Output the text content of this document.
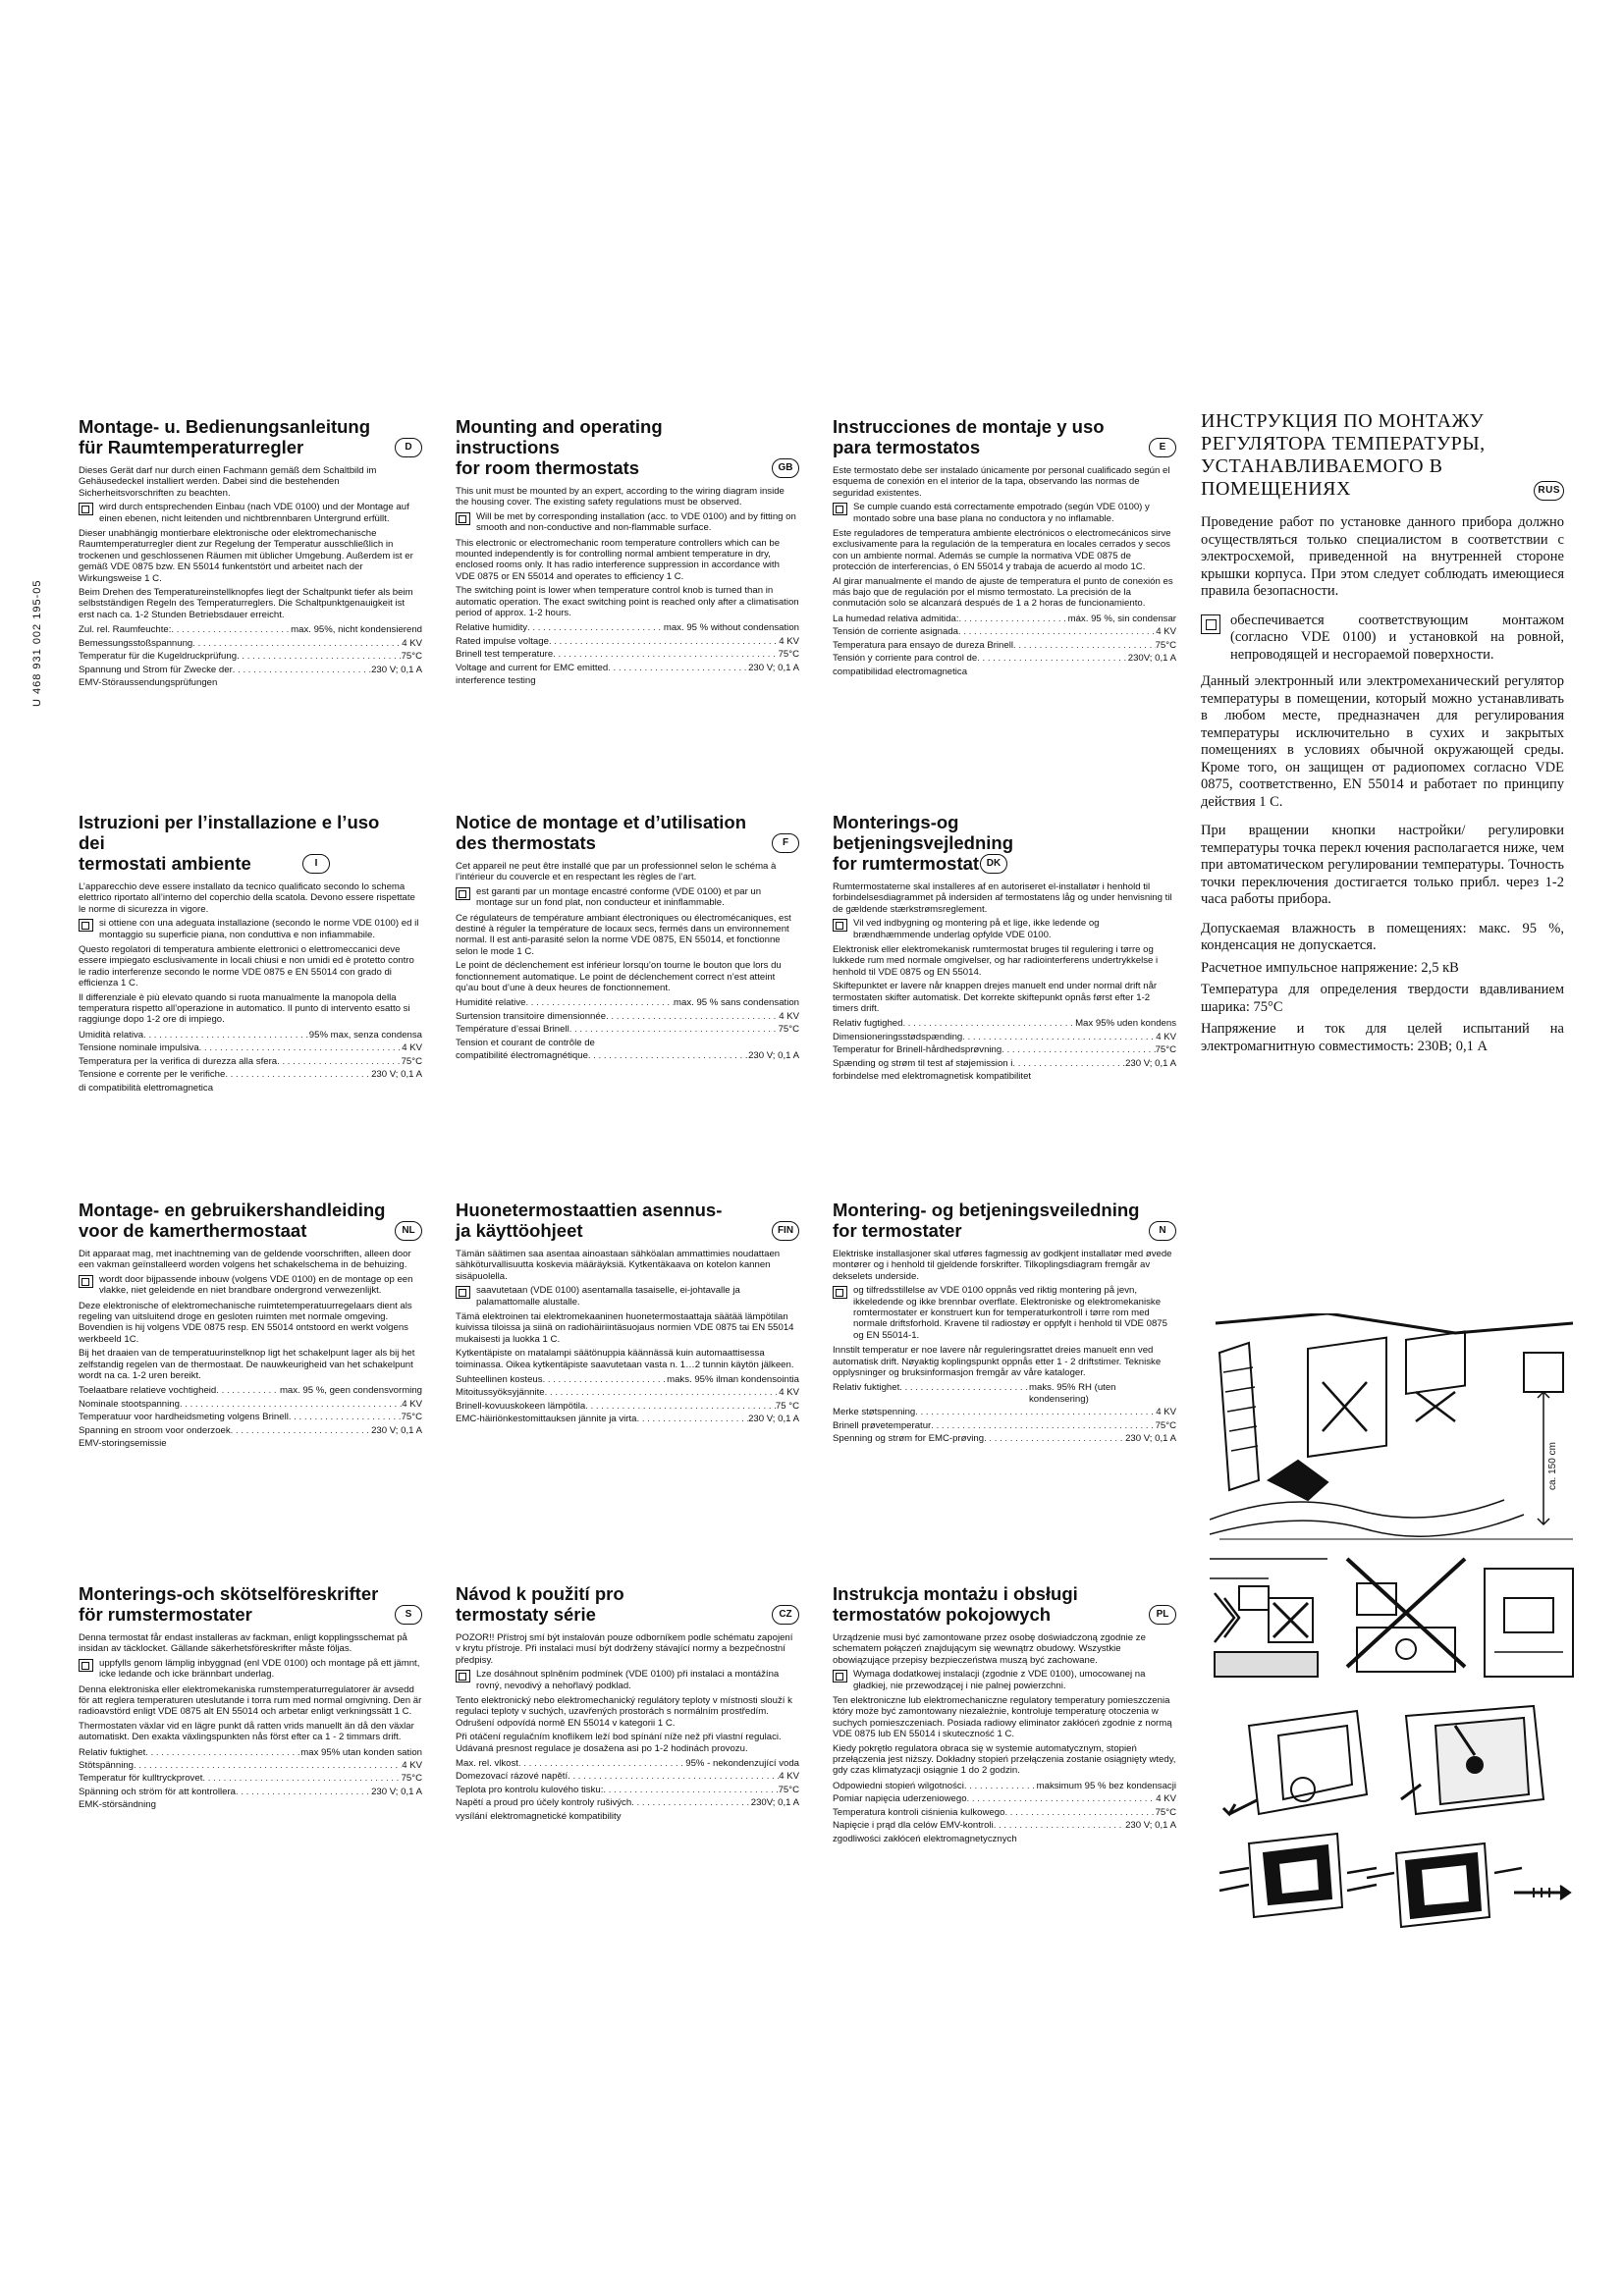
U 468 931 002 195-05
Montage- u. Bedienungsanleitung
für Raumtemperaturregler	D

Dieses Gerät darf nur durch einen Fachmann gemäß dem Schaltbild im Gehäusedeckel installiert werden. Dabei sind die bestehenden Sicherheitsvorschriften zu beachten.

wird durch entsprechenden Einbau (nach VDE 0100) und der Montage auf einen ebenen, nicht leitenden und nichtbrennbaren Untergrund erfüllt.

Dieser unabhängig montierbare elektronische oder elektromechanische Raumtemperaturregler dient zur Regelung der Temperatur ausschließlich in trockenen und geschlossenen Räumen mit üblicher Umgebung. Außerdem ist er gemäß VDE 0875 bzw. EN 55014 funkentstört und arbeitet nach der Wirkungsweise 1 C.

Beim Drehen des Temperatureinstellknopfes liegt der Schaltpunkt tiefer als beim selbstständigen Regeln des Temperaturreglers. Die Schaltpunktgenauigkeit ist erst nach ca. 1-2 Stunden Betriebsdauer erreicht.

Zul. rel. Raumfeuchte: . . .	max. 95%, nicht kondensierend
Bemessungsstoßspannung . . .	4 KV
Temperatur für die Kugeldruckprüfung . . .	75°C
Spannung und Strom für Zwecke der . . .	230 V; 0,1 A
EMV-Störaussendungsprüfungen
Mounting and operating instructions
for room thermostats	GB

This unit must be mounted by an expert, according to the wiring diagram inside the housing cover. The existing safety regulations must be observed.

Will be met by corresponding installation (acc. to VDE 0100) and by fitting on smooth and non-conductive and non-flammable surface.

This electronic or electromechanic room temperature controllers which can be mounted independently is for controlling normal ambient temperature in dry, enclosed rooms only. It has radio interference suppression in accordance with VDE 0875 or EN 55014 and operates to efficiency 1 C.

The switching point is lower when temperature control knob is turned than in automatic operation. The exact switching point is reached only after a climatisation period of approx. 1-2 hours.

Relative humidity . . .	max. 95 % without condensation
Rated impulse voltage . . .	4 KV
Brinell test temperature . . .	75°C
Voltage and current for EMC emitted . . .	230 V; 0,1 A
interference testing
Instrucciones de montaje y uso
para termostatos	E

Este termostato debe ser instalado únicamente por personal cualificado según el esquema de conexión en el interior de la tapa, observando las normas de seguridad existentes.

Se cumple cuando está correctamente empotrado (según VDE 0100) y montado sobre una base plana no conductora y no inflamable.

Este reguladores de temperatura ambiente electrónicos o electromecánicos sirve exclusivamente para la regulación de la temperatura en locales cerrados y secos con un ambiente normal. Además se cumple la normativa VDE 0875 de protección de interferencias, ó EN 55014 y trabaja de acuerdo al modo 1C.

Al girar manualmente el mando de ajuste de temperatura el punto de conexión es más bajo que de regulación por el mismo termostato. La precisión de la conmutación solo se alcanzará después de 1 a 2 horas de funcionamiento.

La humedad relativa admitida: . . .	máx. 95 %, sin condensar
Tensión de corriente asignada . . .	4 KV
Temperatura para ensayo de dureza Brinell . . .	75°C
Tensión y corriente para control de . . .	230V; 0,1 A
compatibilidad electromagnetica
Istruzioni per l’installazione e l’uso dei
termostati ambiente	I

L’apparecchio deve essere installato da tecnico qualificato secondo lo schema elettrico riportato all’interno del coperchio della scatola. Devono essere rispettate le norme di sicurezza in vigore.

si ottiene con una adeguata installazione (secondo le norme VDE 0100) ed il montaggio su superficie piana, non conduttiva e non infiammabile.

Questo regolatori di temperatura ambiente elettronici o elettromeccanici deve essere impiegato esclusivamente in locali chiusi e non umidi ed è protetto contro le radio interferenze secondo le norme VDE 0875 e EN 55014 con grado di efficienza 1 C.

Il differenziale è più elevato quando si ruota manualmente la manopola della temperatura rispetto all’operazione in automatico. Il punto di intervento esatto si raggiunge dopo 1-2 ore di impiego.

Umidità relativa . . .	95% max, senza condensa
Tensione nominale impulsiva . . .	4 KV
Temperatura per la verifica di durezza alla sfera . . .	75°C
Tensione e corrente per le verifiche . . .	230 V; 0,1 A
di compatibilità elettromagnetica
Notice de montage et d’utilisation
des thermostats	F

Cet appareil ne peut être installé que par un professionnel selon le schéma à l’intérieur du couvercle et en respectant les règles de l’art.

est garanti par un montage encastré conforme (VDE 0100) et par un montage sur un fond plat, non conducteur et ininflammable.

Ce régulateurs de température ambiant électroniques ou électromécaniques, est destiné à réguler la température de locaux secs, fermés dans un environnement normal. Il est anti-parasité selon la norme VDE 0875, EN 55014, et fonctionne selon le mode 1 C.

Le point de déclenchement est inférieur lorsqu’on tourne le bouton que lors du fonctionnement automatique. Le point de déclenchement correct n’est atteint qu’au bout d’une à deux heures de fonctionnement.

Humidité relative . . .	max. 95 % sans condensation
Surtension transitoire dimensionnée . . .	4 KV
Température d’essai Brinell . . .	75°C
Tension et courant de contrôle de
compatibilité électromagnétique . . .	230 V; 0,1 A
Monterings-og betjeningsvejledning
for rumtermostat DK

Rumtermostaterne skal installeres af en autoriseret el-installatør i henhold til forbindelsesdiagrammet på indersiden af termostatens låg og under henvisning til de gældende stærkstrømsreglement.

Vil ved indbygning og montering på et lige, ikke ledende og brændhæmmende underlag opfylde VDE 0100.

Elektronisk eller elektromekanisk rumtermostat bruges til regulering i tørre og lukkede rum med normale omgivelser, og har radiointerferens undertrykkelse i henhold til VDE 0875 og EN 55014.

Skiftepunktet er lavere når knappen drejes manuelt end under normal drift når termostaten skifter automatisk. Det korrekte skiftepunkt opnås først efter 1-2 timers drift.

Relativ fugtighed . . .	Max 95% uden kondens
Dimensioneringsstødspænding . . .	4 KV
Temperatur for Brinell-hårdhedsprøvning . . .	75°C
Spænding og strøm til test af støjemission i . . .	230 V; 0,1 A
forbindelse med elektromagnetisk kompatibilitet
Montage- en gebruikershandleiding
voor de kamerthermostaat	NL

Dit apparaat mag, met inachtneming van de geldende voorschriften, alleen door een vakman geïnstalleerd worden volgens het schakelschema in de behuizing.

wordt door bijpassende inbouw (volgens VDE 0100) en de montage op een vlakke, niet geleidende en niet brandbare ondergrond verwezenlijkt.

Deze elektronische of elektromechanische ruimtetemperatuurregelaars dient als regeling van uitsluitend droge en gesloten ruimten met normale omgeving. Bovendien is hij volgens VDE 0875 resp. EN 55014 ontstoord en werkt volgens werkbeeld 1C.

Bij het draaien van de temperatuurinstelknop ligt het schakelpunt lager als bij het zelfstandig regelen van de thermostaat. De nauwkeurigheid van het schakelpunt wordt na ca. 1-2 uren bereikt.

Toelaatbare relatieve vochtigheid . . .	max. 95 %, geen condensvorming
Nominale stootspanning . . .	4 KV
Temperatuur voor hardheidsmeting volgens Brinell . . .	75°C
Spanning en stroom voor onderzoek . . .	230 V; 0,1 A
EMV-storingsemissie
Huonetermostaattien asennus-
ja käyttöohjeet	FIN

Tämän säätimen saa asentaa ainoastaan sähköalan ammattimies noudattaen sähköturvallisuutta koskevia määräyksiä. Kytkentäkaava on kotelon kannen sisäpuolella.

saavutetaan (VDE 0100) asentamalla tasaiselle, ei-johtavalle ja palamattomalle alustalle.

Tämä elektroinen tai elektromekaaninen huonetermostaattaja säätää lämpötilan kuivissa tiloissa ja siinä on radiohäiriintäsuojaus normien VDE 0875 tai EN 55014 mukaisesti ja luokka 1 C.

Kytkentäpiste on matalampi säätönuppia käännässä kuin automaattisessa toiminassa. Oikea kytkentäpiste saavutetaan vasta n. 1…2 tunnin käytön jälkeen.

Suhteellinen kosteus . . .	maks. 95% ilman kondensointia
Mitoitussyöksyjännite . . .	4 KV
Brinell-kovuuskokeen lämpötila . . .	75 °C
EMC-häiriönkestomittauksen jännite ja virta . . .	230 V; 0,1 A
Montering- og betjeningsveiledning
for termostater	N

Elektriske installasjoner skal utføres fagmessig av godkjent installatør med øvede montører og i henhold til gjeldende forskrifter. Tilkoplingsdiagram fremgår av dekselets underside.

og tilfredsstillelse av VDE 0100 oppnås ved riktig montering på jevn, ikkeledende og ikke brennbar overflate. Elektroniske og elektromekaniske romtermostater er konstruert kun for temperaturkontroll i tørre rom med normale driftsforhold. Kravene til radiostøy er oppfylt i henhold til VDE 0875 og EN 55014-1.

Innstilt temperatur er noe lavere når reguleringsrattet dreies manuelt enn ved automatisk drift. Nøyaktig koplingspunkt oppnås etter 1 - 2 driftstimer. Tekniske opplysninger og bruksinformasjon fremgår av våre kataloger.

Relativ fuktighet . . .	maks. 95% RH (uten kondensering)
Merke støtspenning . . .	4 KV
Brinell prøvetemperatur . . .	75°C
Spenning og strøm for EMC-prøving . . .	230 V; 0,1 A
Monterings-och skötselföreskrifter
för rumstermostater	S

Denna termostat får endast installeras av fackman, enligt kopplingsschemat på insidan av täcklocket. Gällande säkerhetsföreskrifter måste följas.

uppfylls genom lämplig inbyggnad (enl VDE 0100) och montage på ett jämnt, icke ledande och icke brännbart underlag.

Denna elektroniska eller elektromekaniska rumstemperaturregulatorer är avsedd för att reglera temperaturen uteslutande i torra rum med normal omgivning. Den är radioavstörd enligt VDE 0875 alt EN 55014 och arbetar enligt verkningssätt 1 C.

Thermostaten växlar vid en lägre punkt då ratten vrids manuellt än då den växlar automatiskt. Den exakta växlingspunkten nås först efter ca 1 - 2 timmars drift.

Relativ fuktighet . . .	max 95% utan konden sation
Stötspänning . . .	4 KV
Temperatur för kulltryckprovet . . .	75°C
Spänning och ström för att kontrollera . . .	230 V; 0,1 A
EMK-störsändning
Návod k použití pro
termostaty série	CZ

POZOR!! Přístroj smí být instalován pouze odborníkem podle schématu zapojení v krytu přístroje. Při instalaci musí být dodrženy stávající normy a bezpečnostní předpisy.

Lze dosáhnout splněním podmínek (VDE 0100) při instalaci a montážína rovný, nevodivý a nehořlavý podklad.

Tento elektronický nebo elektromechanický regulátory teploty v místnosti slouží k regulaci teploty v suchých, uzavřených prostorách s normálním prostředím. Odrušení odpovídá normě EN 55014 v kategorii 1 C.

Při otáčení regulačním knoflíkem leží bod spínání níže než při vlastní regulaci. Udávaná presnost regulace je dosažena asi po 1-2 hodinách provozu.

Max. rel. vlkost . . .	95% - nekondenzující voda
Domezovací rázové napětí . . .	4 KV
Teplota pro kontrolu kulového tisku: . . .	75°C
Napětí a proud pro účely kontroly rušivých . . .	230V; 0,1 A
vysílání elektromagnetické kompatibility
Instrukcja montażu i obsługi
termostatów pokojowych	PL

Urządzenie musi być zamontowane przez osobę doświadczoną zgodnie ze schematem połączeń znajdującym się wewnątrz obudowy. Wszystkie obowiązujące przepisy bezpieczeństwa muszą być zachowane.

Wymaga dodatkowej instalacji (zgodnie z VDE 0100), umocowanej na gładkiej, nie przewodzącej i nie palnej powierzchni.

Ten elektroniczne lub elektromechaniczne regulatory temperatury pomieszczenia który może być zamontowany niezależnie, kontroluje temperaturę otoczenia w suchych pomieszczeniach. Posiada radiowy eliminator zakłóceń zgodnie z normą VDE 0875 lub EN 55014 i skuteczność 1 C.

Kiedy pokrętło regulatora obraca się w systemie automatycznym, stopień przełączenia jest niższy. Dokładny stopień przełączenia zostanie osiągnięty wtedy, gdy czas klimatyzacji osiągnie 1 do 2 godzin.

Odpowiedni stopień wilgotności . . .	maksimum 95 % bez kondensacji
Pomiar napięcia uderzeniowego . . .	4 KV
Temperatura kontroli ciśnienia kulkowego . . .	75°C
Napięcie i prąd dla celów EMV-kontroli . . .	230 V; 0,1 A
zgodliwości zakłóceń elektromagnetycznych
ИНСТРУКЦИЯ ПО МОНТАЖУ
РЕГУЛЯТОРА ТЕМПЕРАТУРЫ,
УСТАНАВЛИВАЕМОГО В
ПОМЕЩЕНИЯХ	RUS

Проведение работ по установке данного прибора должно осуществляться только специалистом в соответствии с электросхемой, приведенной на внутренней стороне крышки корпуса. При этом следует соблюдать имеющиеся правила безопасности.

обеспечивается соответствующим монтажом (согласно VDE 0100) и установкой на ровной, непроводящей и несгораемой поверхности.

Данный электронный или электромеханический регулятор температуры в помещении, который можно устанавливать в любом месте, предназначен для регулирования температуры исключительно в сухих и закрытых помещениях в условиях обычной окружающей среды. Кроме того, он защищен от радиопомех согласно VDE 0875, соответственно, EN 55014 и работает по принципу действия 1 C.

При вращении кнопки настройки/ регулировки температуры точка перекл ючения располагается ниже, чем при автоматическом регулировании температуры. Точность точки переключения достигается только прибл. через 1-2 часа работы прибора.

Допускаемая влажность в помещениях: макс. 95 %, конденсация не допускается.
Расчетное импульсное напряжение: 2,5 кВ
Температура для определения твердости вдавливанием шарика: 75°C
Напряжение и ток для целей испытаний на электромагнитную совместимость: 230В; 0,1 А
ca. 150 cm
